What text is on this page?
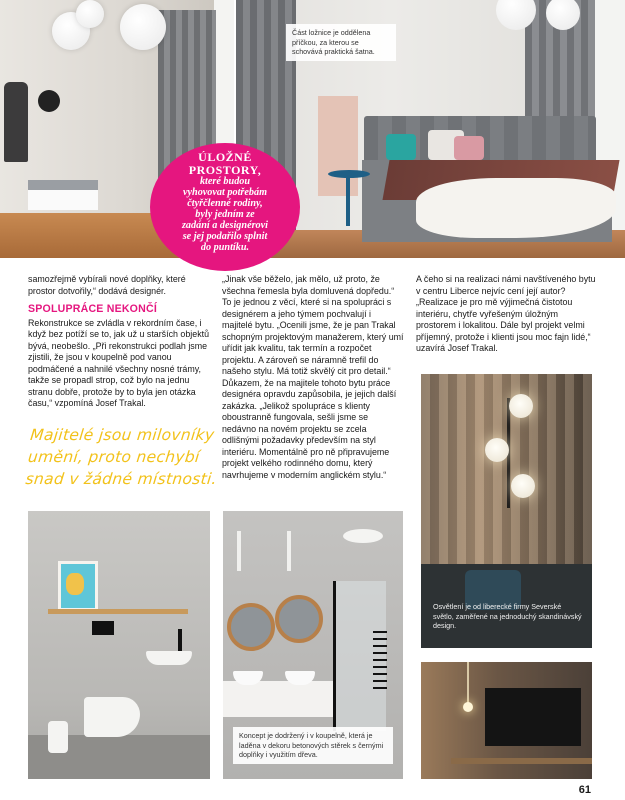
Část ložnice je oddělena příčkou, za kterou se schovává praktická šatna.
ÚLOŽNÉ
PROSTORY,
které budou
vyhovovat potřebám
čtyřčlenné rodiny,
byly jedním ze
zadání a designérovi
se jej podařilo splnit
do puntíku.

samozřejmě vybírali nové doplňky, které prostor dotvořily,“ dodává designér.

SPOLUPRÁCE NEKONČÍ

Rekonstrukce se zvládla v rekordním čase, i když bez potíží se to, jak už u starších objektů bývá, neobešlo. „Při rekonstrukci podlah jsme zjistili, že jsou v koupelně pod vanou podmáčené a nahnilé všechny nosné trámy, takže se propadl strop, což bylo na jednu stranu dobře, protože by to byla jen otázka času,“ vzpomíná Josef Trakal.

Majitelé jsou milovníky umění, proto nechybí snad v žádné místnosti.

„Jinak vše běželo, jak mělo, už proto, že všechna řemesla byla domluvená dopředu.“ To je jednou z věcí, které si na spolupráci s designérem a jeho týmem pochvalují i majitelé bytu. „Ocenili jsme, že je pan Trakal schopným projektovým manažerem, který umí uřídit jak kvalitu, tak termín a rozpočet projektu. A zároveň se náramně trefil do našeho stylu. Má totiž skvělý cit pro detail.“ Důkazem, že na majitele tohoto bytu práce designéra opravdu zapůsobila, je jejich další zakázka. „Jelikož spolupráce s klienty oboustranně fungovala, sešli jsme se nedávno na novém projektu se zcela odlišnými požadavky především na styl interiéru. Momentálně pro ně připravujeme projekt velkého rodinného domu, který navrhujeme v moderním anglickém stylu.“

A čeho si na realizaci námi navštíveného bytu v centru Liberce nejvíc cení její autor? „Realizace je pro mě výjimečná čistotou interiéru, chytře vyřešeným úložným prostorem i lokalitou. Dále byl projekt velmi příjemný, protože i klienti jsou moc fajn lidé,“ uzavírá Josef Trakal.

Osvětlení je od liberecké firmy Severské světlo, zaměřené na jednoduchý skandinávský design.
Koncept je dodržený i v koupelně, která je laděna v dekoru betonových stěrek s černými doplňky i využitím dřeva.
61
